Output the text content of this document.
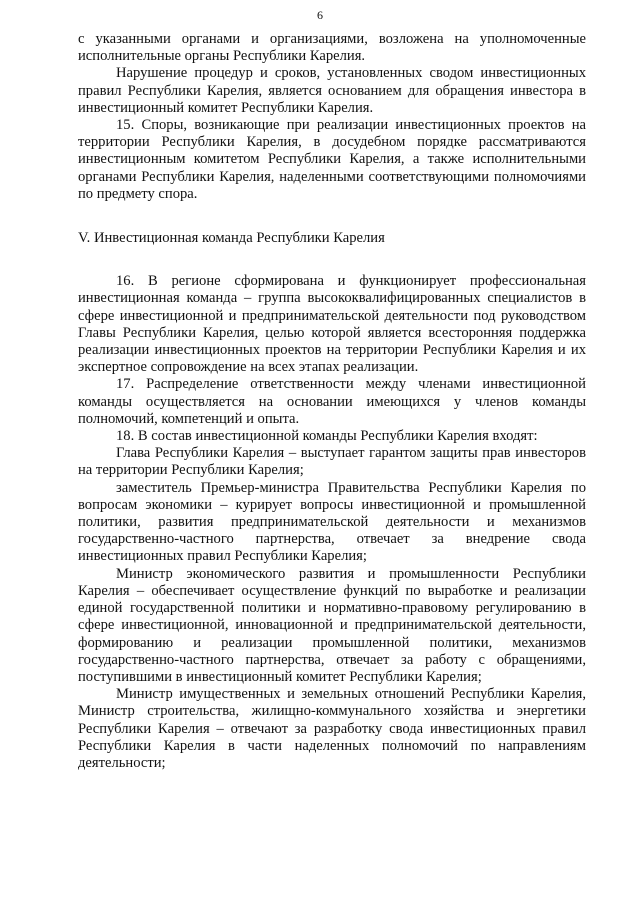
6

с указанными органами и организациями, возложена на уполномоченные исполнительные органы Республики Карелия.

Нарушение процедур и сроков, установленных сводом инвестиционных правил Республики Карелия, является основанием для обращения инвестора в инвестиционный комитет Республики Карелия.

15. Споры, возникающие при реализации инвестиционных проектов на территории Республики Карелия, в досудебном порядке рассматриваются инвестиционным комитетом Республики Карелия, а также исполнительными органами Республики Карелия, наделенными соответствующими полномочиями по предмету спора.

V. Инвестиционная команда Республики Карелия

16. В регионе сформирована и функционирует профессиональная инвестиционная команда – группа высококвалифицированных специалистов в сфере инвестиционной и предпринимательской деятельности под руководством Главы Республики Карелия, целью которой является всесторонняя поддержка реализации инвестиционных проектов на территории Республики Карелия и их экспертное сопровождение на всех этапах реализации.

17. Распределение ответственности между членами инвестиционной команды осуществляется на основании имеющихся у членов команды полномочий, компетенций и опыта.

18. В состав инвестиционной команды Республики Карелия входят:

Глава Республики Карелия – выступает гарантом защиты прав инвесторов на территории Республики Карелия;

заместитель Премьер-министра Правительства Республики Карелия по вопросам экономики – курирует вопросы инвестиционной и промышленной политики, развития предпринимательской деятельности и механизмов государственно-частного партнерства, отвечает за внедрение свода инвестиционных правил Республики Карелия;

Министр экономического развития и промышленности Республики Карелия – обеспечивает осуществление функций по выработке и реализации единой государственной политики и нормативно-правовому регулированию в сфере инвестиционной, инновационной и предпринимательской деятельности, формированию и реализации промышленной политики, механизмов государственно-частного партнерства, отвечает за работу с обращениями, поступившими в инвестиционный комитет Республики Карелия;

Министр имущественных и земельных отношений Республики Карелия, Министр строительства, жилищно-коммунального хозяйства и энергетики Республики Карелия – отвечают за разработку свода инвестиционных правил Республики Карелия в части наделенных полномочий по направлениям деятельности;
